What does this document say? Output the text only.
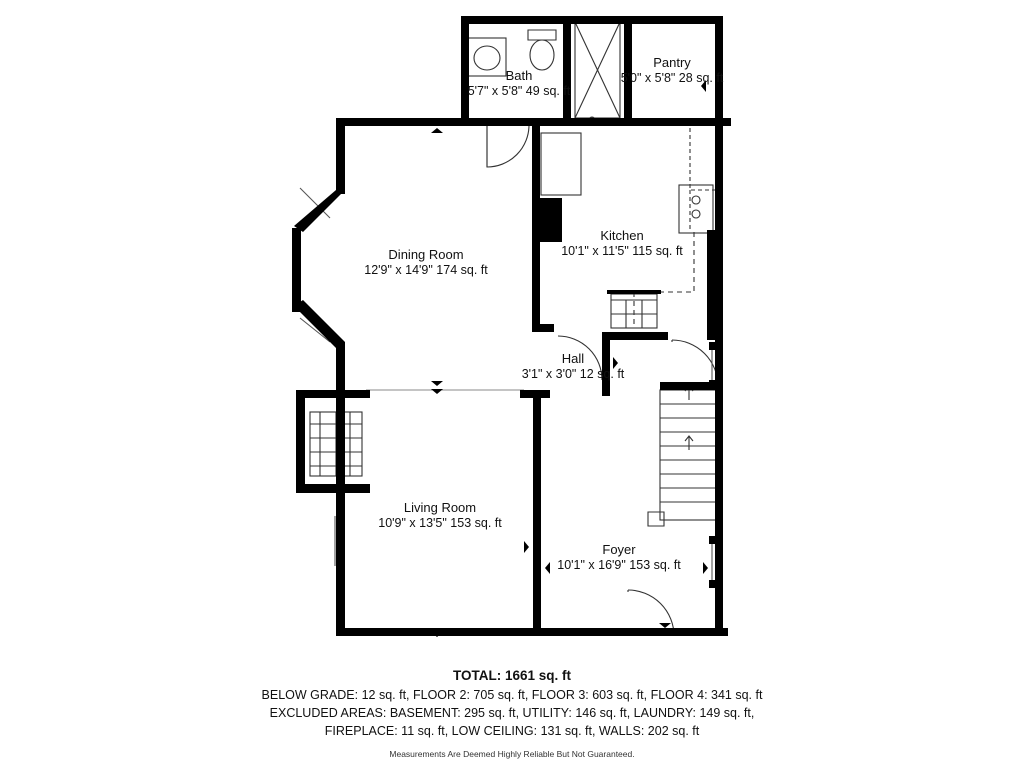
Bath
5'7" x 5'8" 49 sq. ft
Pantry
5'0" x 5'8" 28 sq. ft
Dining Room
12'9" x 14'9" 174 sq. ft
Kitchen
10'1" x 11'5" 115 sq. ft
Hall
3'1" x 3'0" 12 sq. ft
Living Room
10'9" x 13'5" 153 sq. ft
Foyer
10'1" x 16'9" 153 sq. ft
TOTAL: 1661 sq. ft
BELOW GRADE: 12 sq. ft, FLOOR 2: 705 sq. ft, FLOOR 3: 603 sq. ft, FLOOR 4: 341 sq. ft
EXCLUDED AREAS: BASEMENT: 295 sq. ft, UTILITY: 146 sq. ft, LAUNDRY: 149 sq. ft,
FIREPLACE: 11 sq. ft, LOW CEILING: 131 sq. ft, WALLS: 202 sq. ft
Measurements Are Deemed Highly Reliable But Not Guaranteed.
